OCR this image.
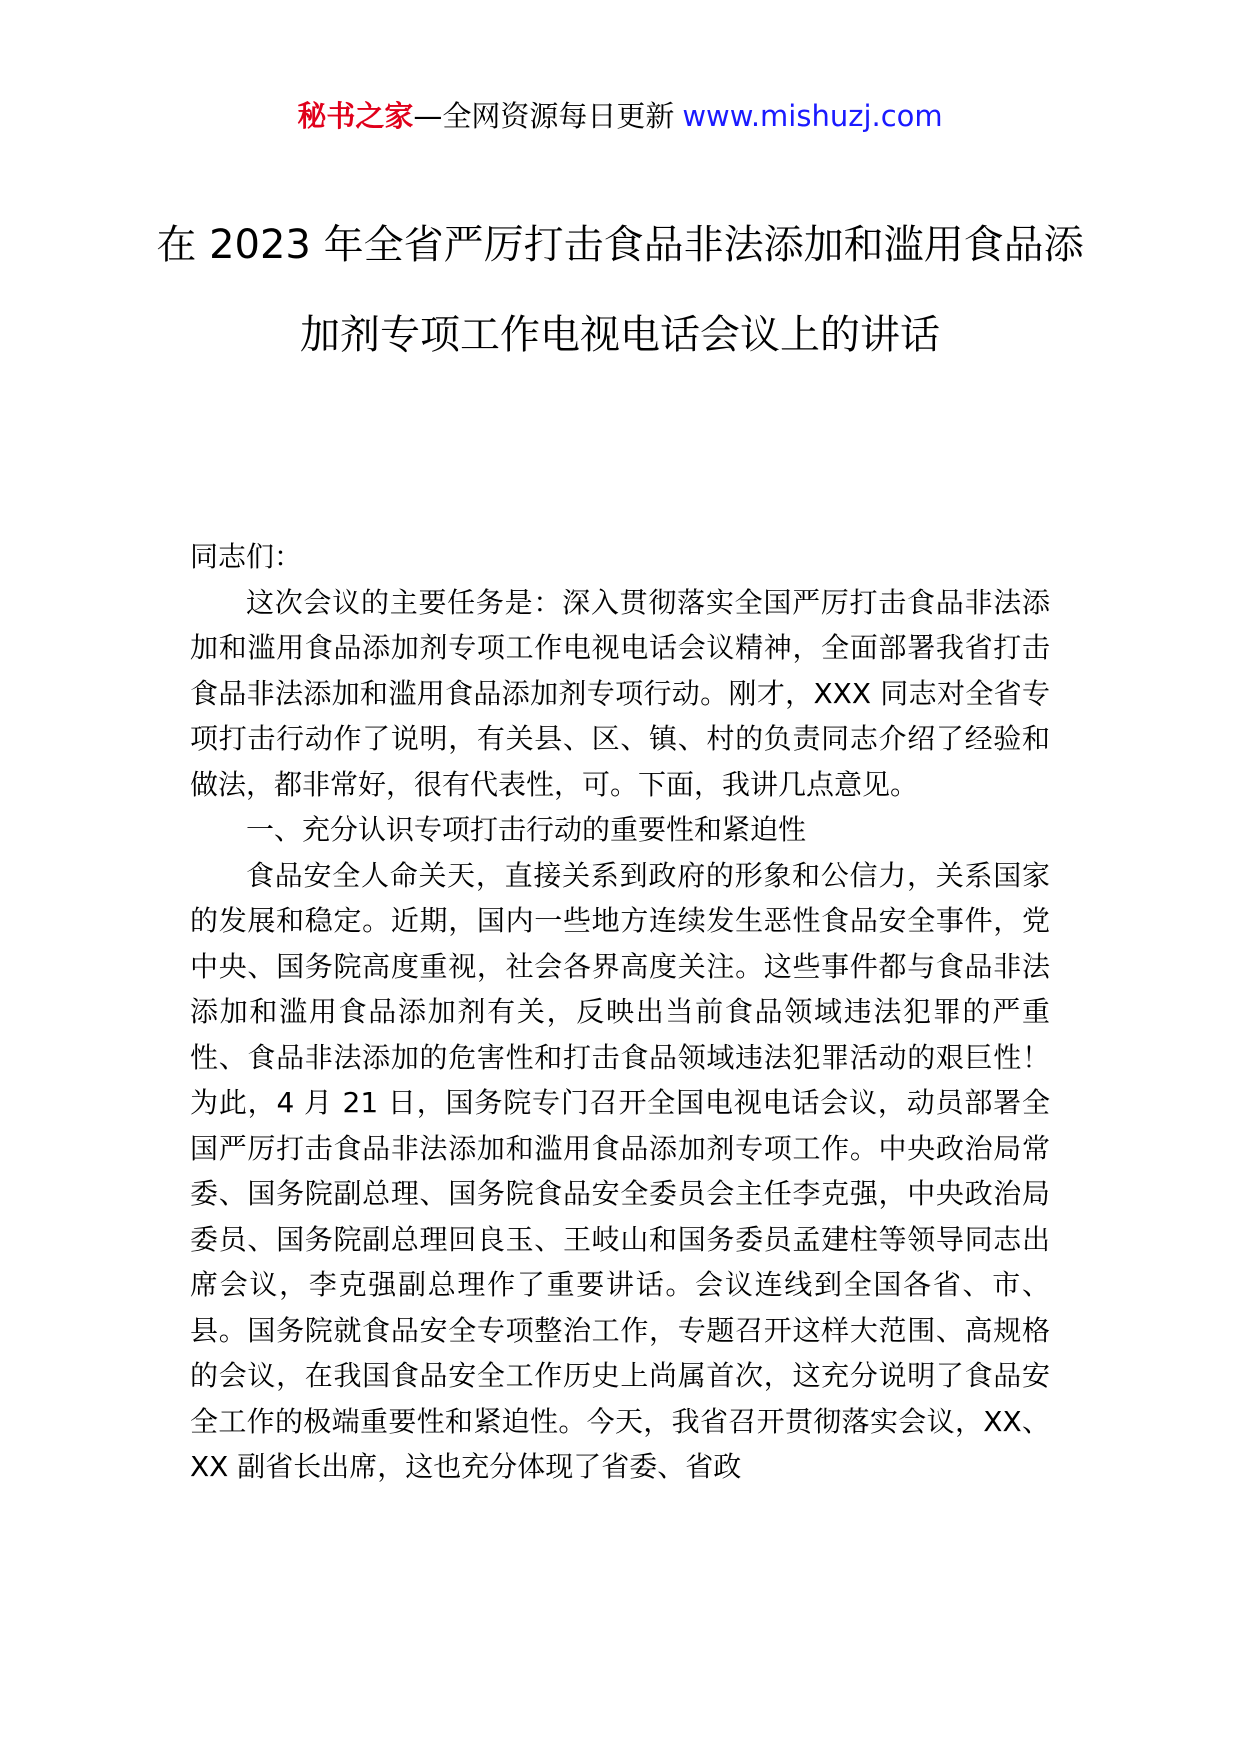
秘书之家—全网资源每日更新 www.mishuzj.com
在 2023 年全省严厉打击食品非法添加和滥用食品添加剂专项工作电视电话会议上的讲话

同志们：

这次会议的主要任务是：深入贯彻落实全国严厉打击食品非法添加和滥用食品添加剂专项工作电视电话会议精神，全面部署我省打击食品非法添加和滥用食品添加剂专项行动。刚才，XXX 同志对全省专项打击行动作了说明，有关县、区、镇、村的负责同志介绍了经验和做法，都非常好，很有代表性，可。下面，我讲几点意见。

一、充分认识专项打击行动的重要性和紧迫性

食品安全人命关天，直接关系到政府的形象和公信力，关系国家的发展和稳定。近期，国内一些地方连续发生恶性食品安全事件，党中央、国务院高度重视，社会各界高度关注。这些事件都与食品非法添加和滥用食品添加剂有关，反映出当前食品领域违法犯罪的严重性、食品非法添加的危害性和打击食品领域违法犯罪活动的艰巨性！为此，4 月 21 日，国务院专门召开全国电视电话会议，动员部署全国严厉打击食品非法添加和滥用食品添加剂专项工作。中央政治局常委、国务院副总理、国务院食品安全委员会主任李克强，中央政治局委员、国务院副总理回良玉、王岐山和国务委员孟建柱等领导同志出席会议，李克强副总理作了重要讲话。会议连线到全国各省、市、县。国务院就食品安全专项整治工作，专题召开这样大范围、高规格的会议，在我国食品安全工作历史上尚属首次，这充分说明了食品安全工作的极端重要性和紧迫性。今天，我省召开贯彻落实会议，XX、XX 副省长出席，这也充分体现了省委、省政
